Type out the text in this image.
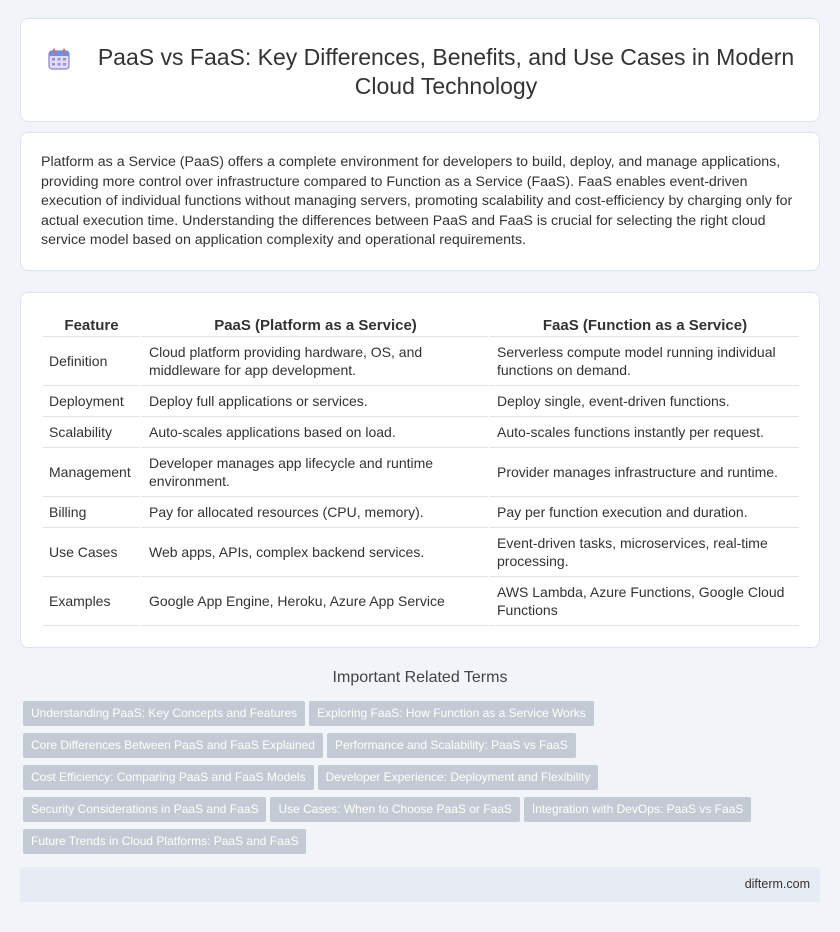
PaaS vs FaaS: Key Differences, Benefits, and Use Cases in Modern Cloud Technology

Platform as a Service (PaaS) offers a complete environment for developers to build, deploy, and manage applications, providing more control over infrastructure compared to Function as a Service (FaaS). FaaS enables event-driven execution of individual functions without managing servers, promoting scalability and cost-efficiency by charging only for actual execution time. Understanding the differences between PaaS and FaaS is crucial for selecting the right cloud service model based on application complexity and operational requirements.

Feature	PaaS (Platform as a Service)	FaaS (Function as a Service)
Definition	Cloud platform providing hardware, OS, and middleware for app development.	Serverless compute model running individual functions on demand.
Deployment	Deploy full applications or services.	Deploy single, event-driven functions.
Scalability	Auto-scales applications based on load.	Auto-scales functions instantly per request.
Management	Developer manages app lifecycle and runtime environment.	Provider manages infrastructure and runtime.
Billing	Pay for allocated resources (CPU, memory).	Pay per function execution and duration.
Use Cases	Web apps, APIs, complex backend services.	Event-driven tasks, microservices, real-time processing.
Examples	Google App Engine, Heroku, Azure App Service	AWS Lambda, Azure Functions, Google Cloud Functions
Important Related Terms
Understanding PaaS: Key Concepts and Features Exploring FaaS: How Function as a Service Works
Core Differences Between PaaS and FaaS Explained Performance and Scalability: PaaS vs FaaS
Cost Efficiency: Comparing PaaS and FaaS Models Developer Experience: Deployment and Flexibility
Security Considerations in PaaS and FaaS Use Cases: When to Choose PaaS or FaaS Integration with DevOps: PaaS vs FaaS
Future Trends in Cloud Platforms: PaaS and FaaS
difterm.com
